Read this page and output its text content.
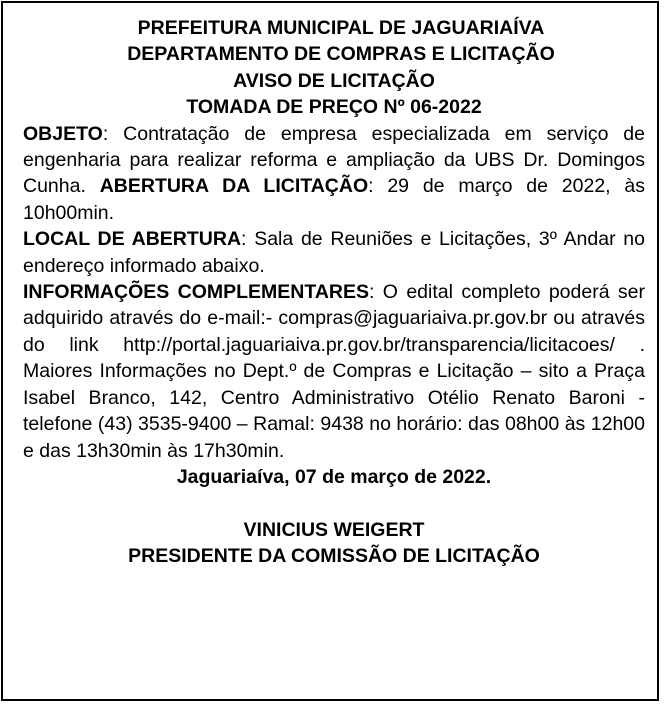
PREFEITURA MUNICIPAL DE JAGUARIAÍVA

DEPARTAMENTO DE COMPRAS E LICITAÇÃO

AVISO DE LICITAÇÃO

TOMADA DE PREÇO Nº 06-2022

OBJETO: Contratação de empresa especializada em serviço de engenharia para realizar reforma e ampliação da UBS Dr. Domingos Cunha. ABERTURA DA LICITAÇÃO: 29 de março de 2022, às 10h00min.

LOCAL DE ABERTURA: Sala de Reuniões e Licitações, 3º Andar no endereço informado abaixo.

INFORMAÇÕES COMPLEMENTARES: O edital completo poderá ser adquirido através do e-mail:- compras@jaguariaiva.pr.gov.br ou através do link http://portal.jaguariaiva.pr.gov.br/transparencia/licitacoes/ . Maiores Informações no Dept.º de Compras e Licitação – sito a Praça Isabel Branco, 142, Centro Administrativo Otélio Renato Baroni - telefone (43) 3535-9400 – Ramal: 9438 no horário: das 08h00 às 12h00 e das 13h30min às 17h30min.

Jaguariaíva, 07 de março de 2022.

VINICIUS WEIGERT

PRESIDENTE DA COMISSÃO DE LICITAÇÃO
